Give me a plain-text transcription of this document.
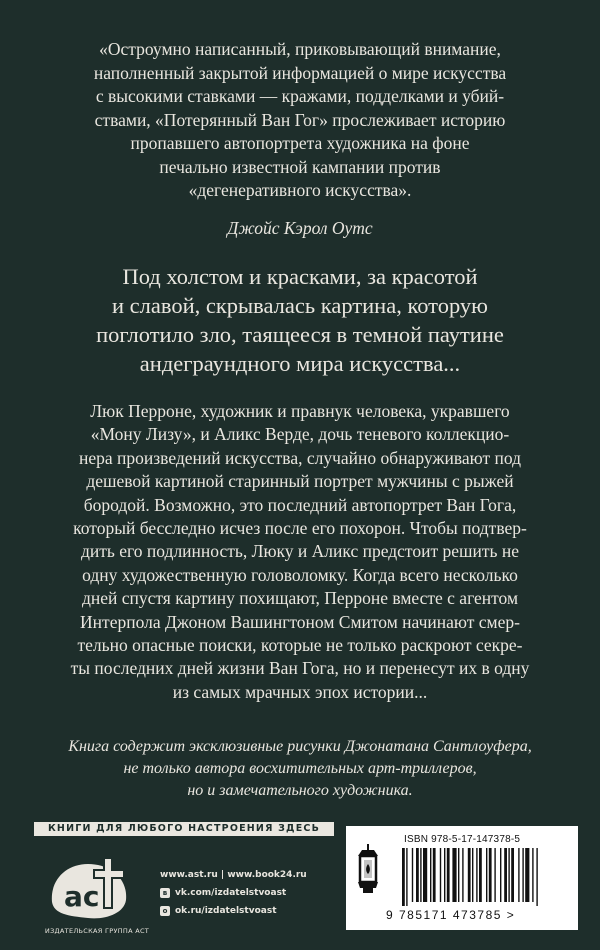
«Остроумно написанный, приковывающий внимание,
наполненный закрытой информацией о мире искусства
с высокими ставками — кражами, подделками и убий-
ствами, «Потерянный Ван Гог» прослеживает историю
пропавшего автопортрета художника на фоне
печально известной кампании против
«дегенеративного искусства».
Джойс Кэрол Оутс
Под холстом и красками, за красотой
и славой, скрывалась картина, которую
поглотило зло, таящееся в темной паутине
андеграундного мира искусства...
Люк Перроне, художник и правнук человека, укравшего
«Мону Лизу», и Аликс Верде, дочь теневого коллекцио-
нера произведений искусства, случайно обнаруживают под
дешевой картиной старинный портрет мужчины с рыжей
бородой. Возможно, это последний автопортрет Ван Гога,
который бесследно исчез после его похорон. Чтобы подтвер-
дить его подлинность, Люку и Аликс предстоит решить не
одну художественную головоломку. Когда всего несколько
дней спустя картину похищают, Перроне вместе с агентом
Интерпола Джоном Вашингтоном Смитом начинают смер-
тельно опасные поиски, которые не только раскроют секре-
ты последних дней жизни Ван Гога, но и перенесут их в одну
из самых мрачных эпох истории...
Книга содержит эксклюзивные рисунки Джонатана Сантлоуфера,
не только автора восхитительных арт-триллеров,
но и замечательного художника.
КНИГИ ДЛЯ ЛЮБОГО НАСТРОЕНИЯ ЗДЕСЬ
ac
ИЗДАТЕЛЬСКАЯ ГРУППА АСТ
www.ast.ru | www.book24.ru
в vk.com/izdatelstvoast
о ok.ru/izdatelstvoast
ISBN 978-5-17-147378-5
9 785171 473785 >
